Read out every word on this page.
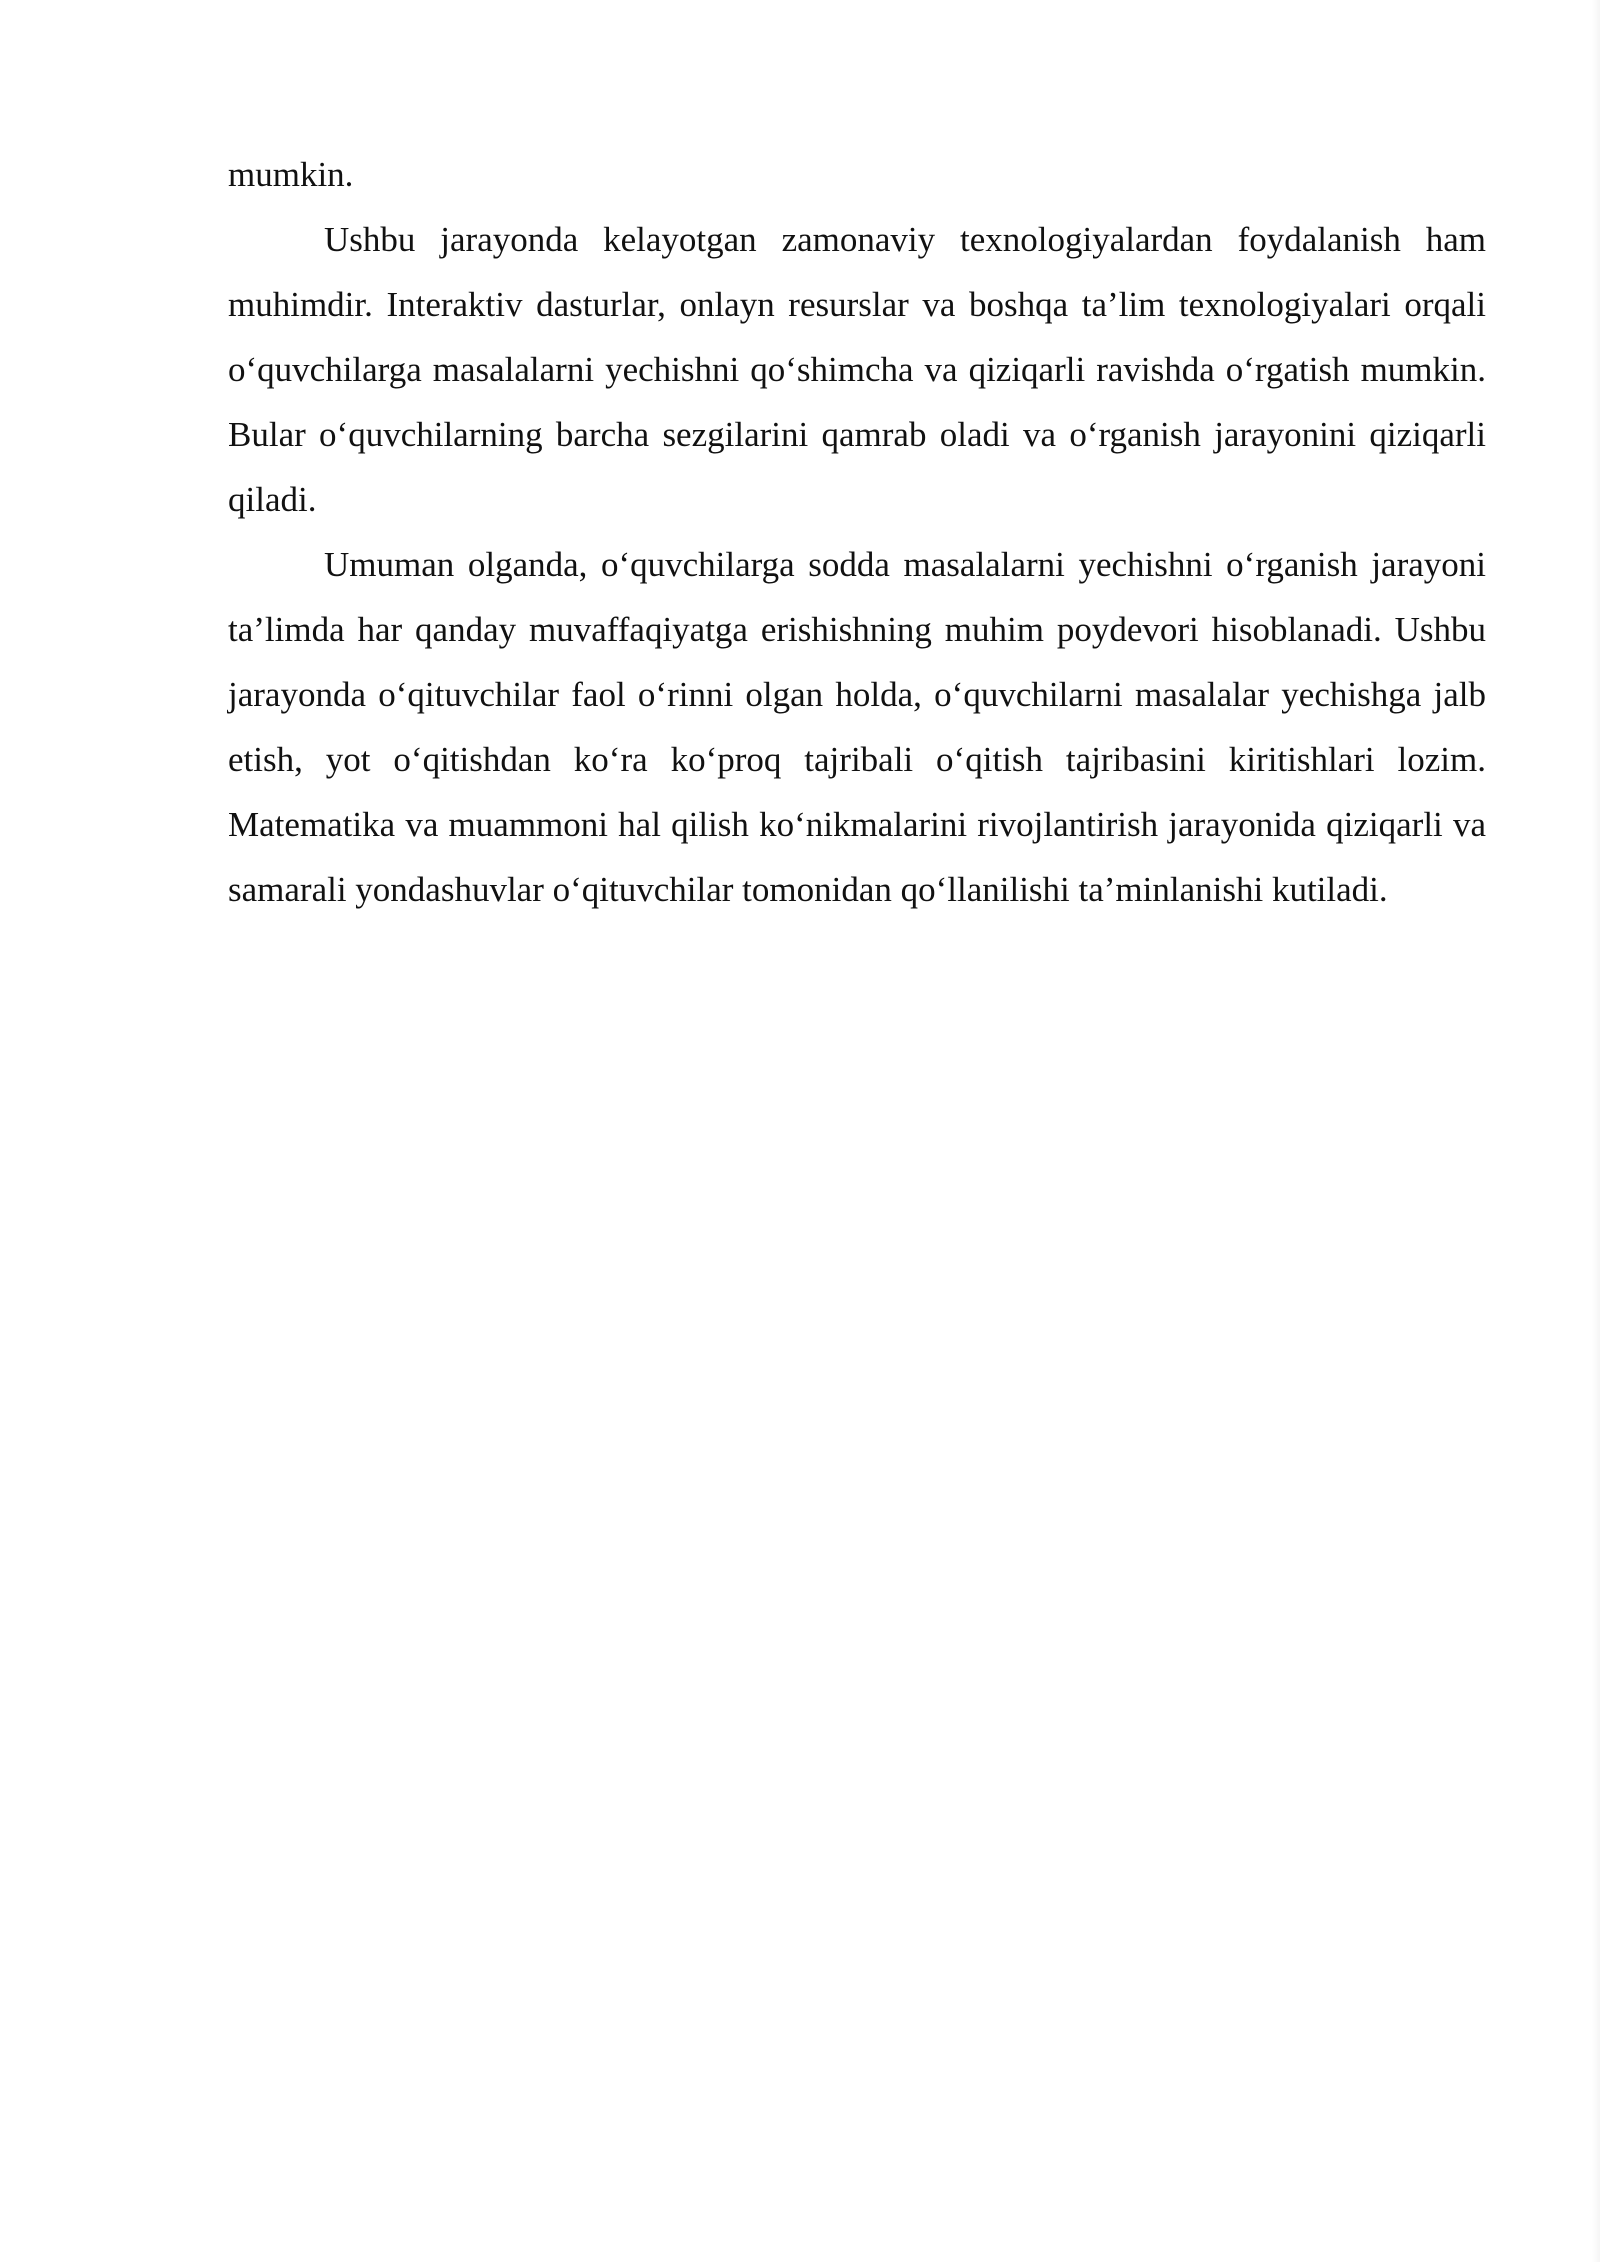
mumkin.

Ushbu jarayonda kelayotgan zamonaviy texnologiyalardan foydalanish ham muhimdir. Interaktiv dasturlar, onlayn resurslar va boshqa ta’lim texnologiyalari orqali o‘quvchilarga masalalarni yechishni qo‘shimcha va qiziqarli ravishda o‘rgatish mumkin. Bular o‘quvchilarning barcha sezgilarini qamrab oladi va o‘rganish jarayonini qiziqarli qiladi.

Umuman olganda, o‘quvchilarga sodda masalalarni yechishni o‘rganish jarayoni ta’limda har qanday muvaffaqiyatga erishishning muhim poydevori hisoblanadi. Ushbu jarayonda o‘qituvchilar faol o‘rinni olgan holda, o‘quvchilarni masalalar yechishga jalb etish, yot o‘qitishdan ko‘ra ko‘proq tajribali o‘qitish tajribasini kiritishlari lozim. Matematika va muammoni hal qilish ko‘nikmalarini rivojlantirish jarayonida qiziqarli va samarali yondashuvlar o‘qituvchilar tomonidan qo‘llanilishi ta’minlanishi kutiladi.
